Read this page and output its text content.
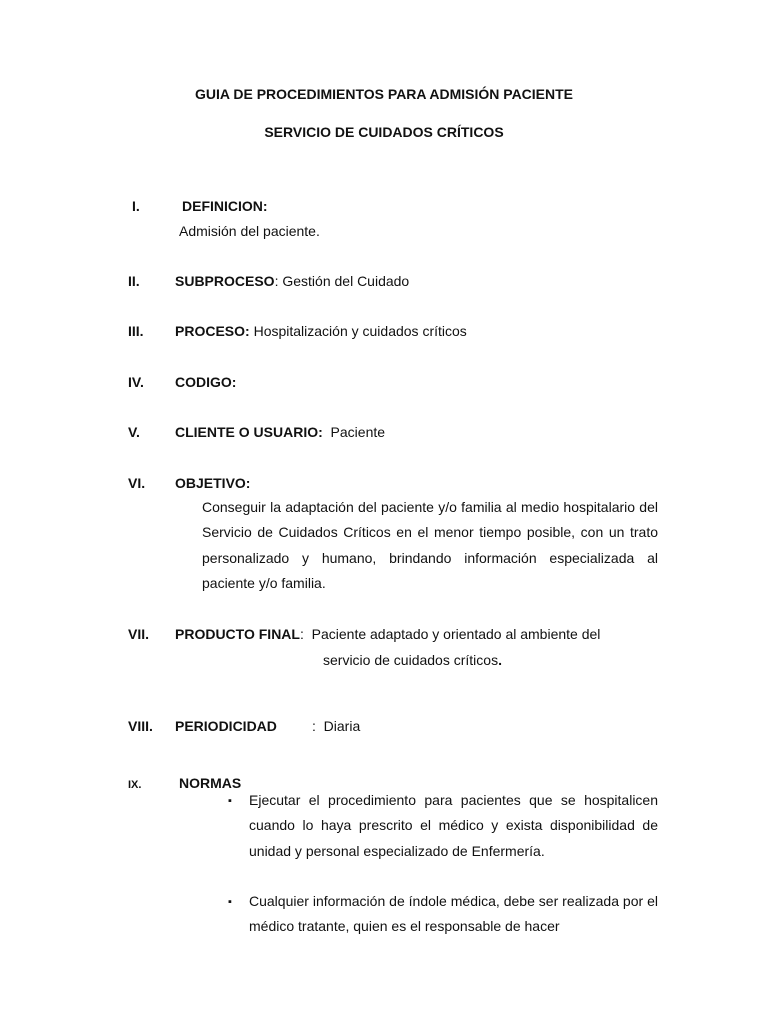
GUIA DE PROCEDIMIENTOS PARA ADMISIÓN PACIENTE
SERVICIO DE CUIDADOS CRÍTICOS
I.	DEFINICION:
Admisión del paciente.
II.	SUBPROCESO: Gestión del Cuidado
III. PROCESO: Hospitalización y cuidados críticos
IV. CODIGO:
V.	CLIENTE O USUARIO:  Paciente
VI. OBJETIVO:
Conseguir la adaptación del paciente y/o familia al medio hospitalario del Servicio de Cuidados Críticos en el menor tiempo posible, con un trato personalizado y humano, brindando información especializada al paciente y/o familia.
VII. PRODUCTO FINAL:  Paciente adaptado y orientado al ambiente del
servicio de cuidados críticos.
VIII. PERIODICIDAD	:  Diaria
IX.	NORMAS
▪ Ejecutar el procedimiento para pacientes que se hospitalicen cuando lo haya prescrito el médico y exista disponibilidad de unidad y personal especializado de Enfermería.
▪ Cualquier información de índole médica, debe ser realizada por el médico tratante, quien es el responsable de hacer
